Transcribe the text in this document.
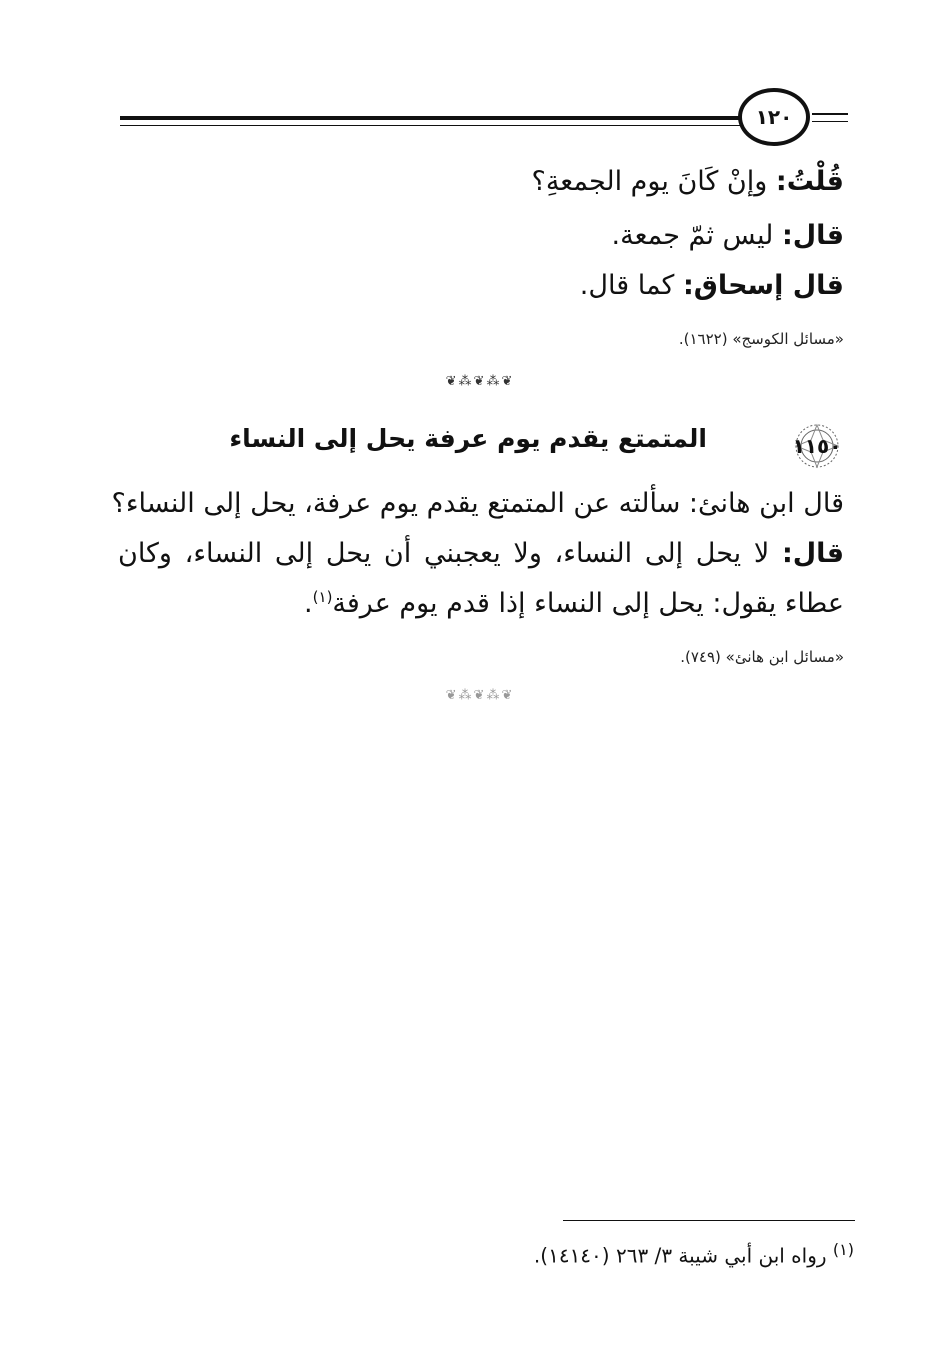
١٢٠
قُلْتُ: وإنْ كَانَ يوم الجمعةِ؟
قال: ليس ثمّ جمعة.
قال إسحاق: كما قال.
«مسائل الكوسج» (١٦٢٢).
❦⁂❦⁂❦
١١٥٠
المتمتع يقدم يوم عرفة يحل إلى النساء
قال ابن هانئ: سألته عن المتمتع يقدم يوم عرفة، يحل إلى النساء؟
قال: لا يحل إلى النساء، ولا يعجبني أن يحل إلى النساء، وكان
عطاء يقول: يحل إلى النساء إذا قدم يوم عرفة$^{(١)}$.
«مسائل ابن هانئ» (٧٤٩).
❦⁂❦⁂❦
$^{(١)}$ رواه ابن أبي شيبة ٣/ ٢٦٣ (١٤١٤٠).
